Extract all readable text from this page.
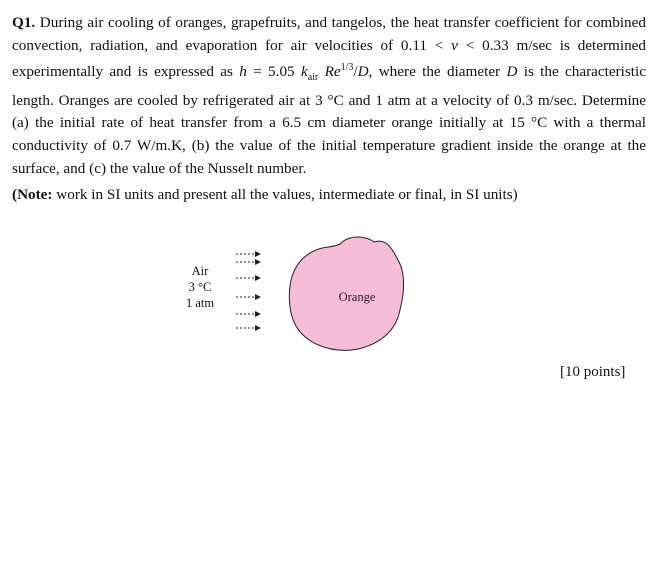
Q1. During air cooling of oranges, grapefruits, and tangelos, the heat transfer coefficient for combined convection, radiation, and evaporation for air velocities of 0.11 < v < 0.33 m/sec is determined experimentally and is expressed as h = 5.05 $k_{air}$ $Re^{1/3}/D$, where the diameter D is the characteristic length. Oranges are cooled by refrigerated air at 3 °C and 1 atm at a velocity of 0.3 m/sec. Determine (a) the initial rate of heat transfer from a 6.5 cm diameter orange initially at 15 °C with a thermal conductivity of 0.7 W/m.K, (b) the value of the initial temperature gradient inside the orange at the surface, and (c) the value of the Nusselt number.
(Note: work in SI units and present all the values, intermediate or final, in SI units)
Air
3 °C
1 atm	Orange
[10 points]
